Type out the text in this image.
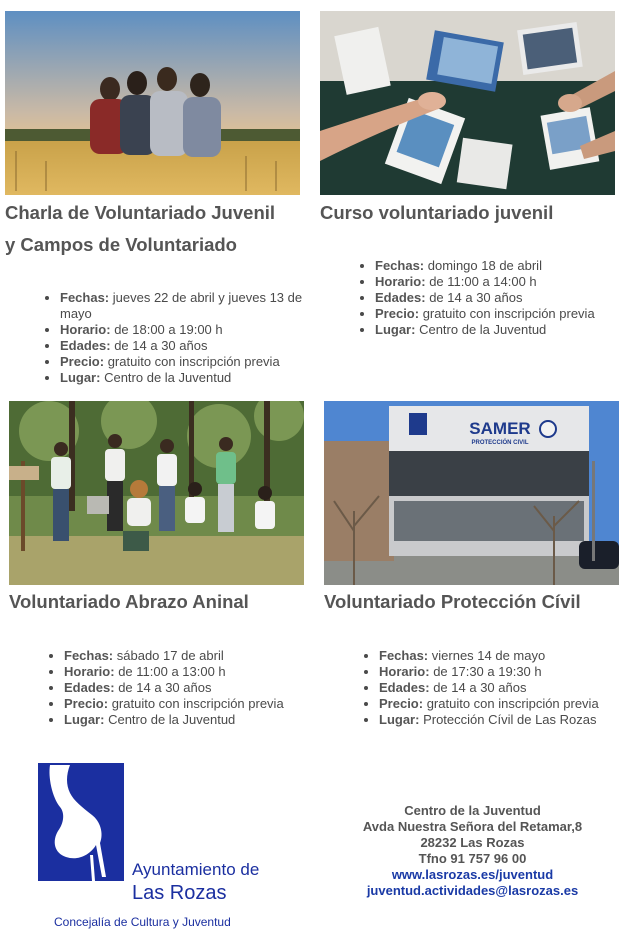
Charla de Voluntariado Juvenil
y Campos de Voluntariado
• Fechas: jueves 22 de abril y jueves 13 de mayo
• Horario: de 18:00 a 19:00 h
• Edades: de 14 a 30 años
• Precio: gratuito con inscripción previa
• Lugar: Centro de la Juventud
Curso voluntariado juvenil
• Fechas: domingo 18 de abril
• Horario: de 11:00 a 14:00 h
• Edades: de 14 a 30 años
• Precio: gratuito con inscripción previa
• Lugar: Centro de la Juventud
Voluntariado Abrazo Aninal
• Fechas: sábado 17 de abril
• Horario: de 11:00 a 13:00 h
• Edades: de 14 a 30 años
• Precio: gratuito con inscripción previa
• Lugar: Centro de la Juventud
SAMER
PROTECCIÓN CIVIL
Voluntariado Protección Cívil
• Fechas: viernes 14 de mayo
• Horario: de 17:30 a 19:30 h
• Edades: de 14 a 30 años
• Precio: gratuito con inscripción previa
• Lugar: Protección Cívil de Las Rozas
Ayuntamiento de
Las Rozas
Concejalía de Cultura y Juventud
Centro de la Juventud
Avda Nuestra Señora del Retamar,8
28232 Las Rozas
Tfno 91 757 96 00
www.lasrozas.es/juventud
juventud.actividades@lasrozas.es
